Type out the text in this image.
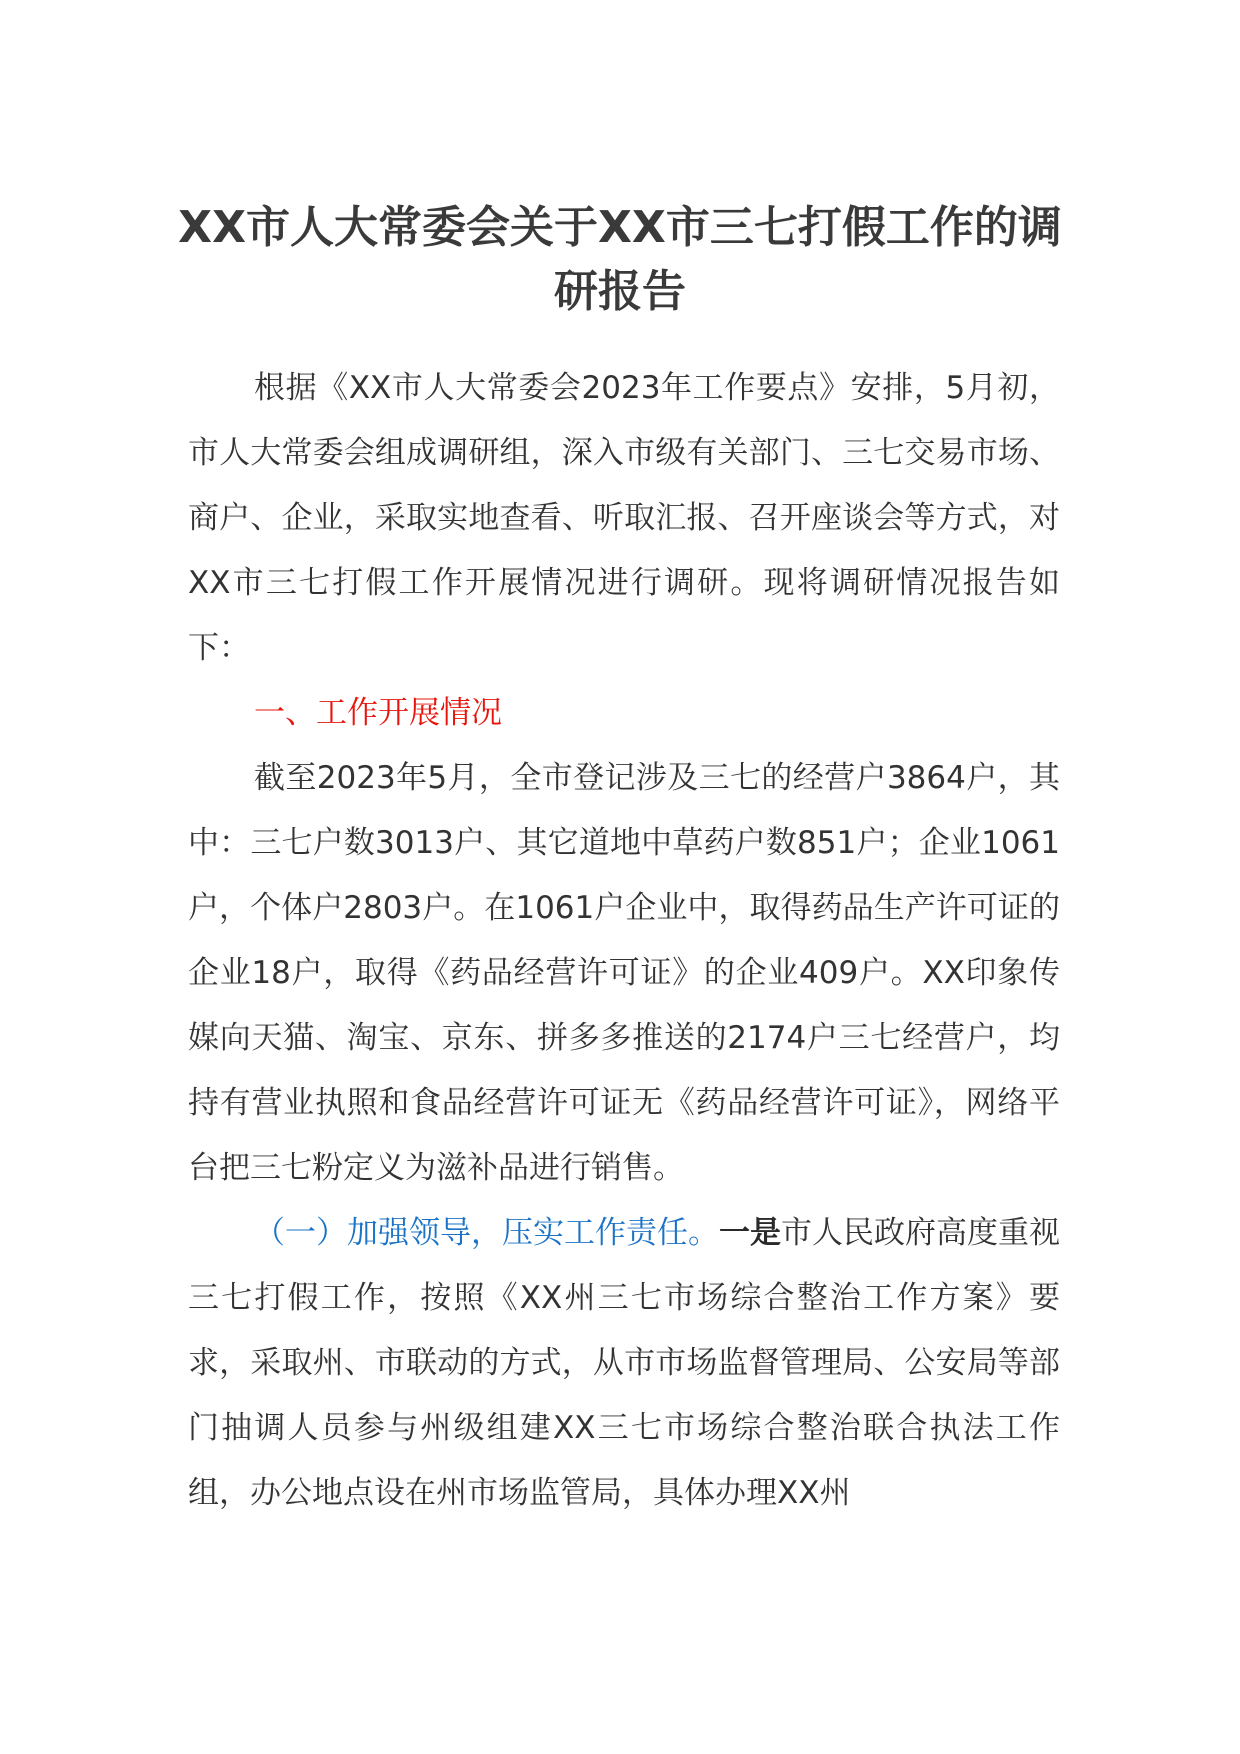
XX市人大常委会关于XX市三七打假工作的调研报告

根据《XX市人大常委会2023年工作要点》安排，5月初，市人大常委会组成调研组，深入市级有关部门、三七交易市场、商户、企业，采取实地查看、听取汇报、召开座谈会等方式，对XX市三七打假工作开展情况进行调研。现将调研情况报告如下：

一、工作开展情况

截至2023年5月，全市登记涉及三七的经营户3864户，其中：三七户数3013户、其它道地中草药户数851户；企业1061户，个体户2803户。在1061户企业中，取得药品生产许可证的企业18户，取得《药品经营许可证》的企业409户。XX印象传媒向天猫、淘宝、京东、拼多多推送的2174户三七经营户，均持有营业执照和食品经营许可证无《药品经营许可证》，网络平台把三七粉定义为滋补品进行销售。

（一）加强领导，压实工作责任。一是市人民政府高度重视三七打假工作，按照《XX州三七市场综合整治工作方案》要求，采取州、市联动的方式，从市市场监督管理局、公安局等部门抽调人员参与州级组建XX三七市场综合整治联合执法工作组，办公地点设在州市场监管局，具体办理XX州
